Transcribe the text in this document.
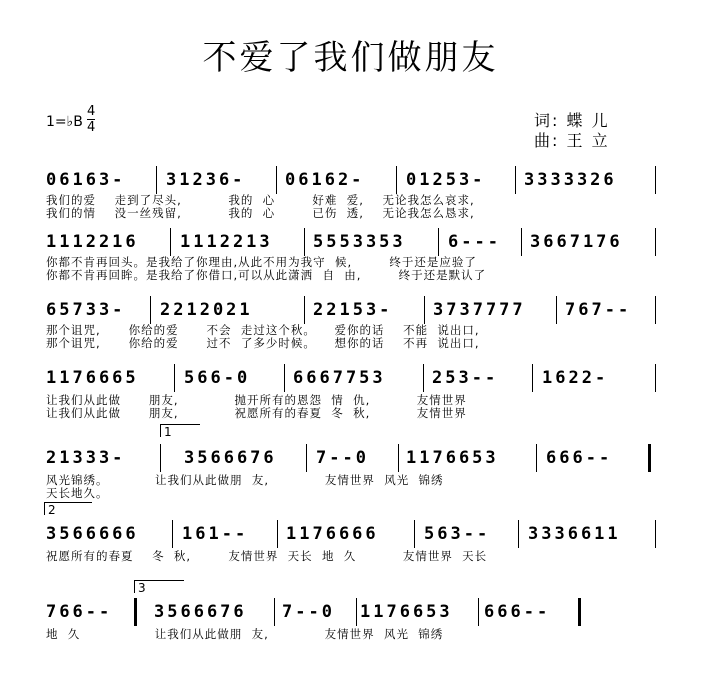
不爱了我们做朋友
1=♭B
4
4	词: 蝶 儿
曲: 王 立
06163-	31236-	06162-	01253-	3333326
我们的爱    走到了尽头,          我的  心        好难  爱,    无论我怎么哀求,
我们的情    没一丝残留,          我的  心        已伤  透,    无论我怎么恳求,
1112216	1112213	5553353	6---	3667176
你都不肯再回头。是我给了你理由,从此不用为我守  候,        终于还是应验了
你都不肯再回眸。是我给了你借口,可以从此潇洒  自  由,        终于还是默认了
65733-	2212021	22153-	3737777	767--
那个诅咒,      你给的爱      不会  走过这个秋。    爱你的话    不能  说出口,
那个诅咒,      你给的爱      过不  了多少时候。    想你的话    不再  说出口,
1176665	566-0	6667753	253--	1622-
让我们从此做      朋友,            抛开所有的恩怨  情  仇,          友情世界
让我们从此做      朋友,            祝愿所有的春夏  冬  秋,          友情世界
1
21333-	3566676	7--0	1176653	666--
风光锦绣。          让我们从此做朋  友,            友情世界  风光  锦绣
天长地久。
2
3566666	161--	1176666	563--	3336611
祝愿所有的春夏    冬  秋,        友情世界  天长  地  久          友情世界  天长
3
766--	3566676	7--0	1176653	666--
地  久                让我们从此做朋  友,            友情世界  风光  锦绣
